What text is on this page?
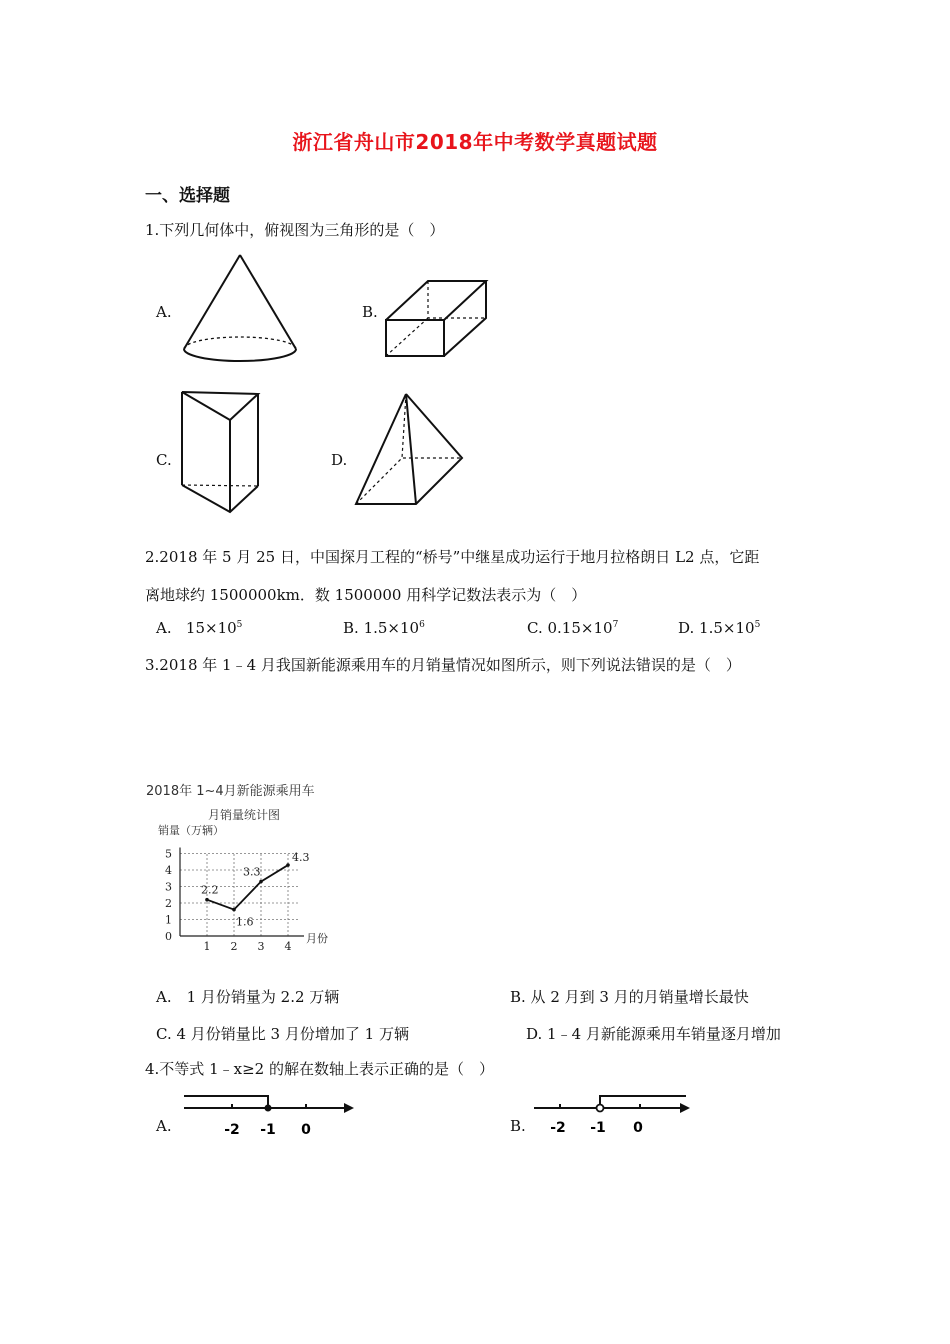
浙江省舟山市2018年中考数学真题试题
一、选择题
1.下列几何体中，俯视图为三角形的是（　）
A.	B.
C.	D.
2.2018 年 5 月 25 日，中国探月工程的“桥号”中继星成功运行于地月拉格朗日 L2 点，它距
离地球约 1500000km．数 1500000 用科学记数法表示为（　）
A. $15\times 10^5$	B. $1.5\times 10^6$	C. $0.15\times 10^7$	D. $1.5\times 10^5$
3.2018 年 1﹣4 月我国新能源乘用车的月销量情况如图所示，则下列说法错误的是（　）
2018年 1~4月新能源乘用车
月销量统计图
销量（万辆）
0
1
2
3
4
5
1 2 3 4
月份
2.2
1.6
3.3
4.3
A.　1 月份销量为 2.2 万辆	B. 从 2 月到 3 月的月销量增长最快
C. 4 月份销量比 3 月份增加了 1 万辆	D. 1﹣4 月新能源乘用车销量逐月增加
4.不等式 1﹣x≥2 的解在数轴上表示正确的是（　）
A.	-2 -1 0	B. -2 -1 0
